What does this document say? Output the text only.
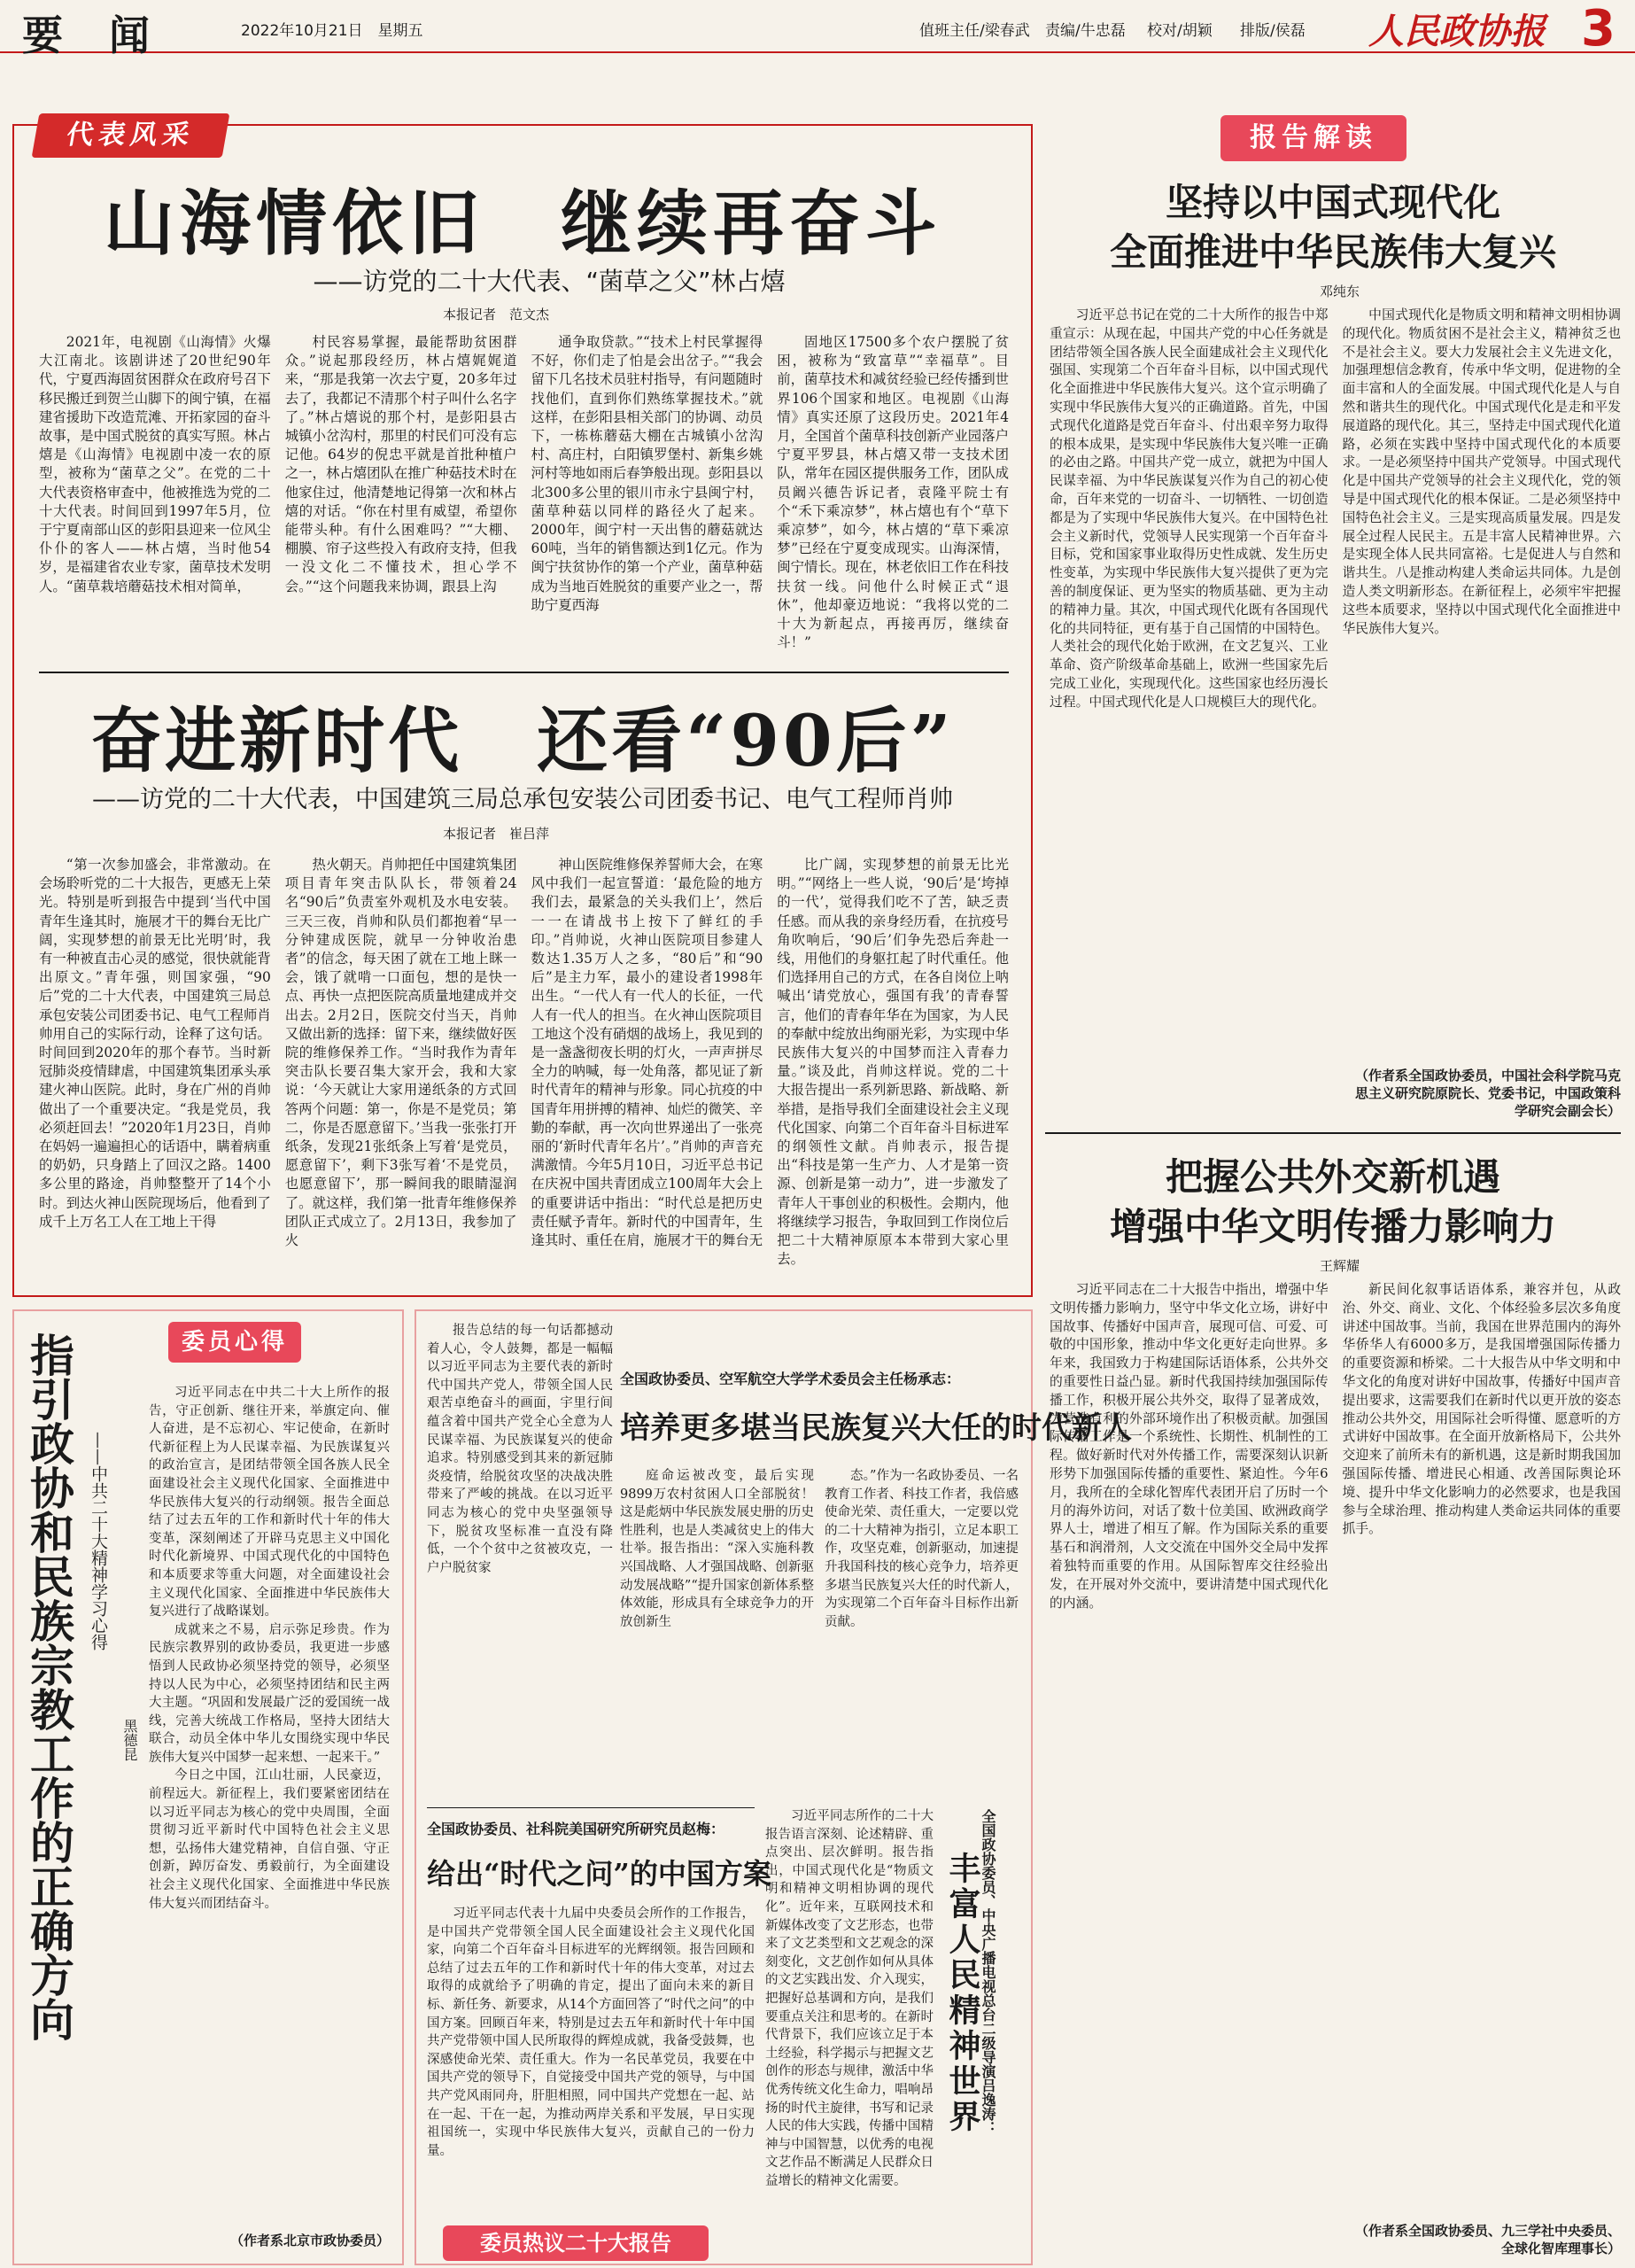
要 闻	2022年10月21日　星期五	值班主任/梁春武 责编/牛忠磊 校对/胡颖 排版/侯磊 人民政协报 3
代表风采
山海情依旧　继续再奋斗
——访党的二十大代表、“菌草之父”林占熺
本报记者　范文杰
2021年，电视剧《山海情》火爆大江南北。该剧讲述了20世纪90年代，宁夏西海固贫困群众在政府号召下移民搬迁到贺兰山脚下的闽宁镇，在福建省援助下改造荒滩、开拓家园的奋斗故事，是中国式脱贫的真实写照。林占熺是《山海情》电视剧中凌一农的原型，被称为“菌草之父”。在党的二十大代表资格审查中，他被推选为党的二十大代表。时间回到1997年5月，位于宁夏南部山区的彭阳县迎来一位风尘仆仆的客人——林占熺，当时他54岁，是福建省农业专家，菌草技术发明人。“菌草栽培蘑菇技术相对简单，
村民容易掌握，最能帮助贫困群众。”说起那段经历，林占熺娓娓道来，“那是我第一次去宁夏，20多年过去了，我都记不清那个村子叫什么名字了。”林占熺说的那个村，是彭阳县古城镇小岔沟村，那里的村民们可没有忘记他。64岁的倪忠平就是首批种植户之一，林占熺团队在推广种菇技术时在他家住过，他清楚地记得第一次和林占熺的对话。“你在村里有威望，希望你能带头种。有什么困难吗？”“大棚、棚膜、帘子这些投入有政府支持，但我一没文化二不懂技术，担心学不会。”“这个问题我来协调，跟县上沟
通争取贷款。”“技术上村民掌握得不好，你们走了怕是会出岔子。”“我会留下几名技术员驻村指导，有问题随时找他们，直到你们熟练掌握技术。”就这样，在彭阳县相关部门的协调、动员下，一栋栋蘑菇大棚在古城镇小岔沟村、高庄村，白阳镇罗堡村、新集乡姚河村等地如雨后春笋般出现。彭阳县以北300多公里的银川市永宁县闽宁村，菌草种菇以同样的路径火了起来。2000年，闽宁村一天出售的蘑菇就达60吨，当年的销售额达到1亿元。作为闽宁扶贫协作的第一个产业，菌草种菇成为当地百姓脱贫的重要产业之一，帮助宁夏西海
固地区17500多个农户摆脱了贫困，被称为“致富草”“幸福草”。目前，菌草技术和减贫经验已经传播到世界106个国家和地区。电视剧《山海情》真实还原了这段历史。2021年4月，全国首个菌草科技创新产业园落户宁夏平罗县，林占熺又带一支技术团队，常年在园区提供服务工作，团队成员阚兴德告诉记者，袁隆平院士有个“禾下乘凉梦”，林占熺也有个“草下乘凉梦”，如今，林占熺的“草下乘凉梦”已经在宁夏变成现实。山海深情，闽宁情长。现在，林老依旧工作在科技扶贫一线。问他什么时候正式“退休”，他却豪迈地说：“我将以党的二十大为新起点，再接再厉，继续奋斗！”
奋进新时代　还看“90后”
——访党的二十大代表，中国建筑三局总承包安装公司团委书记、电气工程师肖帅
本报记者　崔吕萍
“第一次参加盛会，非常激动。在会场聆听党的二十大报告，更感无上荣光。特别是听到报告中提到‘当代中国青年生逢其时，施展才干的舞台无比广阔，实现梦想的前景无比光明’时，我有一种被直击心灵的感觉，很快就能背出原文。”青年强，则国家强，“90后”党的二十大代表，中国建筑三局总承包安装公司团委书记、电气工程师肖帅用自己的实际行动，诠释了这句话。时间回到2020年的那个春节。当时新冠肺炎疫情肆虐，中国建筑集团承头承建火神山医院。此时，身在广州的肖帅做出了一个重要决定。“我是党员，我必须赶回去！”2020年1月23日，肖帅在妈妈一遍遍担心的话语中，瞒着病重的奶奶，只身踏上了回汉之路。1400多公里的路途，肖帅整整开了14个小时。到达火神山医院现场后，他看到了成千上万名工人在工地上干得
热火朝天。肖帅把任中国建筑集团项目青年突击队队长，带领着24名“90后”负责室外观机及水电安装。三天三夜，肖帅和队员们都抱着“早一分钟建成医院，就早一分钟收治患者”的信念，每天困了就在工地上眯一会，饿了就啃一口面包，想的是快一点、再快一点把医院高质量地建成并交出去。2月2日，医院交付当天，肖帅又做出新的选择：留下来，继续做好医院的维修保养工作。“当时我作为青年突击队长要召集大家开会，我和大家说：‘今天就让大家用递纸条的方式回答两个问题：第一，你是不是党员；第二，你是否愿意留下。’当我一张张打开纸条，发现21张纸条上写着‘是党员，愿意留下’，剩下3张写着‘不是党员，也愿意留下’，那一瞬间我的眼睛湿润了。就这样，我们第一批青年维修保养团队正式成立了。2月13日，我参加了火
神山医院维修保养誓师大会，在寒风中我们一起宣誓道：‘最危险的地方我们去，最紧急的关头我们上’，然后一一在请战书上按下了鲜红的手印。”肖帅说，火神山医院项目参建人数达1.35万人之多，“80后”和“90后”是主力军，最小的建设者1998年出生。“一代人有一代人的长征，一代人有一代人的担当。在火神山医院项目工地这个没有硝烟的战场上，我见到的是一盏盏彻夜长明的灯火，一声声拼尽全力的呐喊，每一处角落，都见证了新时代青年的精神与形象。同心抗疫的中国青年用拼搏的精神、灿烂的微笑、辛勤的奉献，再一次向世界递出了一张亮丽的‘新时代青年名片’。”肖帅的声音充满激情。今年5月10日，习近平总书记在庆祝中国共青团成立100周年大会上的重要讲话中指出：“时代总是把历史责任赋予青年。新时代的中国青年，生逢其时、重任在肩，施展才干的舞台无
比广阔，实现梦想的前景无比光明。”“网络上一些人说，‘90后’是‘垮掉的一代’，觉得我们吃不了苦，缺乏责任感。而从我的亲身经历看，在抗疫号角吹响后，‘90后’们争先恐后奔赴一线，用他们的身躯扛起了时代重任。他们选择用自己的方式，在各自岗位上呐喊出‘请党放心，强国有我’的青春誓言，他们的青春年华在为国家，为人民的奉献中绽放出绚丽光彩，为实现中华民族伟大复兴的中国梦而注入青春力量。”谈及此，肖帅这样说。党的二十大报告提出一系列新思路、新战略、新举措，是指导我们全面建设社会主义现代化国家、向第二个百年奋斗目标进军的纲领性文献。肖帅表示，报告提出“科技是第一生产力、人才是第一资源、创新是第一动力”，进一步激发了青年人干事创业的积极性。会期内，他将继续学习报告，争取回到工作岗位后把二十大精神原原本本带到大家心里去。
报告解读
坚持以中国式现代化
全面推进中华民族伟大复兴
邓纯东
习近平总书记在党的二十大所作的报告中郑重宣示：从现在起，中国共产党的中心任务就是团结带领全国各族人民全面建成社会主义现代化强国、实现第二个百年奋斗目标，以中国式现代化全面推进中华民族伟大复兴。这个宣示明确了实现中华民族伟大复兴的正确道路。首先，中国式现代化道路是党百年奋斗、付出艰辛努力取得的根本成果，是实现中华民族伟大复兴唯一正确的必由之路。中国共产党一成立，就把为中国人民谋幸福、为中华民族谋复兴作为自己的初心使命，百年来党的一切奋斗、一切牺牲、一切创造都是为了实现中华民族伟大复兴。在中国特色社会主义新时代，党领导人民实现第一个百年奋斗目标，党和国家事业取得历史性成就、发生历史性变革，为实现中华民族伟大复兴提供了更为完善的制度保证、更为坚实的物质基础、更为主动的精神力量。其次，中国式现代化既有各国现代化的共同特征，更有基于自己国情的中国特色。人类社会的现代化始于欧洲，在文艺复兴、工业革命、资产阶级革命基础上，欧洲一些国家先后完成工业化，实现现代化。这些国家也经历漫长过程。中国式现代化是人口规模巨大的现代化。
中国式现代化是物质文明和精神文明相协调的现代化。物质贫困不是社会主义，精神贫乏也不是社会主义。要大力发展社会主义先进文化，加强理想信念教育，传承中华文明，促进物的全面丰富和人的全面发展。中国式现代化是人与自然和谐共生的现代化。中国式现代化是走和平发展道路的现代化。其三，坚持走中国式现代化道路，必须在实践中坚持中国式现代化的本质要求。一是必须坚持中国共产党领导。中国式现代化是中国共产党领导的社会主义现代化，党的领导是中国式现代化的根本保证。二是必须坚持中国特色社会主义。三是实现高质量发展。四是发展全过程人民民主。五是丰富人民精神世界。六是实现全体人民共同富裕。七是促进人与自然和谐共生。八是推动构建人类命运共同体。九是创造人类文明新形态。在新征程上，必须牢牢把握这些本质要求，坚持以中国式现代化全面推进中华民族伟大复兴。
（作者系全国政协委员，中国社会科学院马克思主义研究院原院长、党委书记，中国政策科学研究会副会长）
把握公共外交新机遇
增强中华文明传播力影响力
王辉耀
习近平同志在二十大报告中指出，增强中华文明传播力影响力，坚守中华文化立场，讲好中国故事、传播好中国声音，展现可信、可爱、可敬的中国形象，推动中华文化更好走向世界。多年来，我国致力于构建国际话语体系，公共外交的重要性日益凸显。新时代我国持续加强国际传播工作，积极开展公共外交，取得了显著成效，为营造有利的外部环境作出了积极贡献。加强国际传播工作是一个系统性、长期性、机制性的工程。做好新时代对外传播工作，需要深刻认识新形势下加强国际传播的重要性、紧迫性。今年6月，我所在的全球化智库代表团开启了历时一个月的海外访问，对话了数十位美国、欧洲政商学界人士，增进了相互了解。作为国际关系的重要基石和润滑剂，人文交流在中国外交全局中发挥着独特而重要的作用。从国际智库交往经验出发，在开展对外交流中，要讲清楚中国式现代化的内涵。
新民间化叙事话语体系，兼容并包，从政治、外交、商业、文化、个体经验多层次多角度讲述中国故事。当前，我国在世界范围内的海外华侨华人有6000多万，是我国增强国际传播力的重要资源和桥梁。二十大报告从中华文明和中华文化的角度对讲好中国故事，传播好中国声音提出要求，这需要我们在新时代以更开放的姿态推动公共外交，用国际社会听得懂、愿意听的方式讲好中国故事。在全面开放新格局下，公共外交迎来了前所未有的新机遇，这是新时期我国加强国际传播、增进民心相通、改善国际舆论环境、提升中华文化影响力的必然要求，也是我国参与全球治理、推动构建人类命运共同体的重要抓手。
（作者系全国政协委员、九三学社中央委员、全球化智库理事长）
委员心得
指引政协和民族宗教工作的正确方向 ——中共二十大精神学习心得
黑德昆

习近平同志在中共二十大上所作的报告，守正创新、继往开来，举旗定向、催人奋进，是不忘初心、牢记使命，在新时代新征程上为人民谋幸福、为民族谋复兴的政治宣言，是团结带领全国各族人民全面建设社会主义现代化国家、全面推进中华民族伟大复兴的行动纲领。报告全面总结了过去五年的工作和新时代十年的伟大变革，深刻阐述了开辟马克思主义中国化时代化新境界、中国式现代化的中国特色和本质要求等重大问题，对全面建设社会主义现代化国家、全面推进中华民族伟大复兴进行了战略谋划。

成就来之不易，启示弥足珍贵。作为民族宗教界别的政协委员，我更进一步感悟到人民政协必须坚持党的领导，必须坚持以人民为中心，必须坚持团结和民主两大主题。“巩固和发展最广泛的爱国统一战线，完善大统战工作格局，坚持大团结大联合，动员全体中华儿女围绕实现中华民族伟大复兴中国梦一起来想、一起来干。”

今日之中国，江山壮丽，人民豪迈，前程远大。新征程上，我们要紧密团结在以习近平同志为核心的党中央周围，全面贯彻习近平新时代中国特色社会主义思想，弘扬伟大建党精神，自信自强、守正创新，踔厉奋发、勇毅前行，为全面建设社会主义现代化国家、全面推进中华民族伟大复兴而团结奋斗。

（作者系北京市政协委员）

报告总结的每一句话都撼动着人心，令人鼓舞，都是一幅幅以习近平同志为主要代表的新时代中国共产党人，带领全国人民艰苦卓绝奋斗的画面，宇里行间蕴含着中国共产党全心全意为人民谋幸福、为民族谋复兴的使命追求。特别感受到其来的新冠肺炎疫情，给脱贫攻坚的决战决胜带来了严峻的挑战。在以习近平同志为核心的党中央坚强领导下，脱贫攻坚标准一直没有降低，一个个贫中之贫被攻克，一户户脱贫家

全国政协委员、空军航空大学学术委员会主任杨承志：
培养更多堪当民族复兴大任的时代新人
庭命运被改变，最后实现9899万农村贫困人口全部脱贫！这是彪炳中华民族发展史册的历史性胜利，也是人类减贫史上的伟大壮举。报告指出：“深入实施科教兴国战略、人才强国战略、创新驱动发展战略”“提升国家创新体系整体效能，形成具有全球竞争力的开放创新生
态。”作为一名政协委员、一名教育工作者、科技工作者，我倍感使命光荣、责任重大，一定要以党的二十大精神为指引，立足本职工作，攻坚克难，创新驱动，加速提升我国科技的核心竞争力，培养更多堪当民族复兴大任的时代新人，为实现第二个百年奋斗目标作出新贡献。
全国政协委员、社科院美国研究所研究员赵梅：
给出“时代之问”的中国方案

习近平同志代表十九届中央委员会所作的工作报告，是中国共产党带领全国人民全面建设社会主义现代化国家，向第二个百年奋斗目标进军的光辉纲领。报告回顾和总结了过去五年的工作和新时代十年的伟大变革，对过去取得的成就给予了明确的肯定，提出了面向未来的新目标、新任务、新要求，从14个方面回答了“时代之问”的中国方案。回顾百年来，特别是过去五年和新时代十年中国共产党带领中国人民所取得的辉煌成就，我备受鼓舞，也深感使命光荣、责任重大。作为一名民革党员，我要在中国共产党的领导下，自觉接受中国共产党的领导，与中国共产党风雨同舟，肝胆相照，同中国共产党想在一起、站在一起、干在一起，为推动两岸关系和平发展，早日实现祖国统一，实现中华民族伟大复兴，贡献自己的一份力量。

习近平同志所作的二十大报告语言深刻、论述精辟、重点突出、层次鲜明。报告指出，中国式现代化是“物质文明和精神文明相协调的现代化”。近年来，互联网技术和新媒体改变了文艺形态，也带来了文艺类型和文艺观念的深刻变化，文艺创作如何从具体的文艺实践出发、介入现实，把握好总基调和方向，是我们要重点关注和思考的。在新时代背景下，我们应该立足于本土经验，科学揭示与把握文艺创作的形态与规律，激活中华优秀传统文化生命力，唱响昂扬的时代主旋律，书写和记录人民的伟大实践，传播中国精神与中国智慧，以优秀的电视文艺作品不断满足人民群众日益增长的精神文化需要。

全国政协委员、中央广播电视总台二级导演吕逸涛：
丰富人民精神世界
委员热议二十大报告
